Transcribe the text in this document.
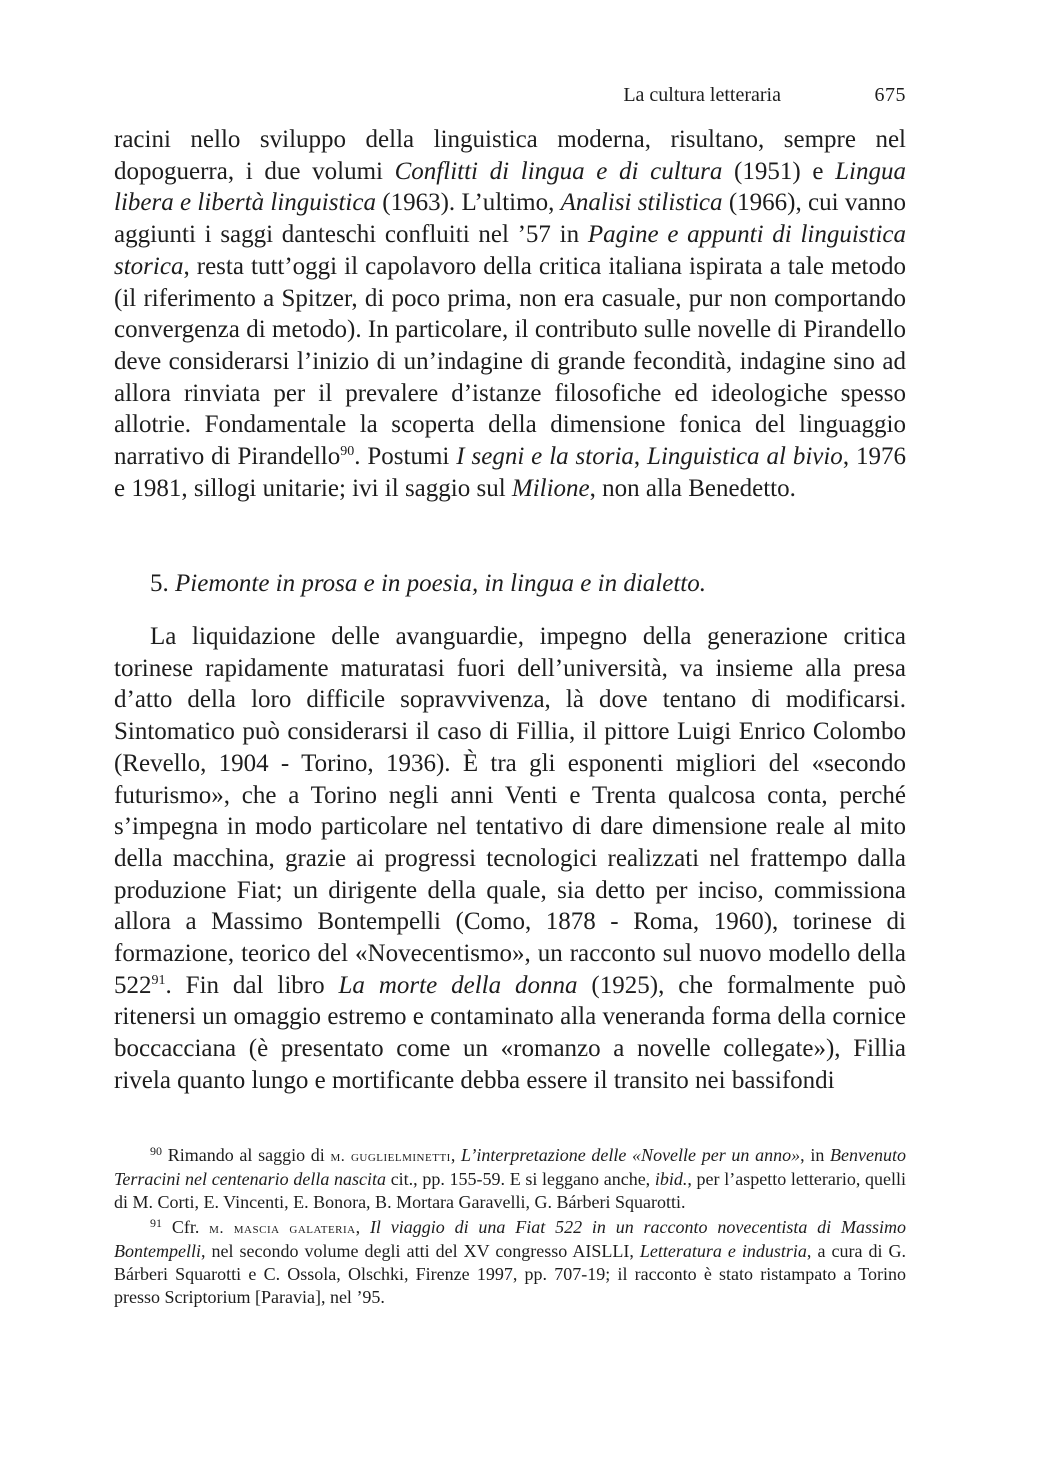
La cultura letteraria	675

racini nello sviluppo della linguistica moderna, risultano, sempre nel dopoguerra, i due volumi Conflitti di lingua e di cultura (1951) e Lingua libera e libertà linguistica (1963). L’ultimo, Analisi stilistica (1966), cui vanno aggiunti i saggi danteschi confluiti nel ’57 in Pagine e appunti di linguistica storica, resta tutt’oggi il capolavoro della critica italiana ispirata a tale metodo (il riferimento a Spitzer, di poco prima, non era casuale, pur non comportando convergenza di metodo). In particolare, il contributo sulle novelle di Pirandello deve considerarsi l’inizio di un’indagine di grande fecondità, indagine sino ad allora rinviata per il prevalere d’istanze filosofiche ed ideologiche spesso allotrie. Fondamentale la scoperta della dimensione fonica del linguaggio narrativo di Pirandello$^{90}$. Postumi I segni e la storia, Linguistica al bivio, 1976 e 1981, sillogi unitarie; ivi il saggio sul Milione, non alla Benedetto.

5. Piemonte in prosa e in poesia, in lingua e in dialetto.

La liquidazione delle avanguardie, impegno della generazione critica torinese rapidamente maturatasi fuori dell’università, va insieme alla presa d’atto della loro difficile sopravvivenza, là dove tentano di modificarsi. Sintomatico può considerarsi il caso di Fillia, il pittore Luigi Enrico Colombo (Revello, 1904 - Torino, 1936). È tra gli esponenti migliori del «secondo futurismo», che a Torino negli anni Venti e Trenta qualcosa conta, perché s’impegna in modo particolare nel tentativo di dare dimensione reale al mito della macchina, grazie ai progressi tecnologici realizzati nel frattempo dalla produzione Fiat; un dirigente della quale, sia detto per inciso, commissiona allora a Massimo Bontempelli (Como, 1878 - Roma, 1960), torinese di formazione, teorico del «Novecentismo», un racconto sul nuovo modello della $522^{91}$. Fin dal libro La morte della donna (1925), che formalmente può ritenersi un omaggio estremo e contaminato alla veneranda forma della cornice boccacciana (è presentato come un «romanzo a novelle collegate»), Fillia rivela quanto lungo e mortificante debba essere il transito nei bassifondi

$^{90}$ Rimando al saggio di m. guglielminetti, L’interpretazione delle «Novelle per un anno», in Benvenuto Terracini nel centenario della nascita cit., pp. 155-59. E si leggano anche, ibid., per l’aspetto letterario, quelli di M. Corti, E. Vincenti, E. Bonora, B. Mortara Garavelli, G. Bárberi Squarotti.

$^{91}$ Cfr. m. mascia galateria, Il viaggio di una Fiat 522 in un racconto novecentista di Massimo Bontempelli, nel secondo volume degli atti del XV congresso AISLLI, Letteratura e industria, a cura di G. Bárberi Squarotti e C. Ossola, Olschki, Firenze 1997, pp. 707-19; il racconto è stato ristampato a Torino presso Scriptorium [Paravia], nel ’95.
